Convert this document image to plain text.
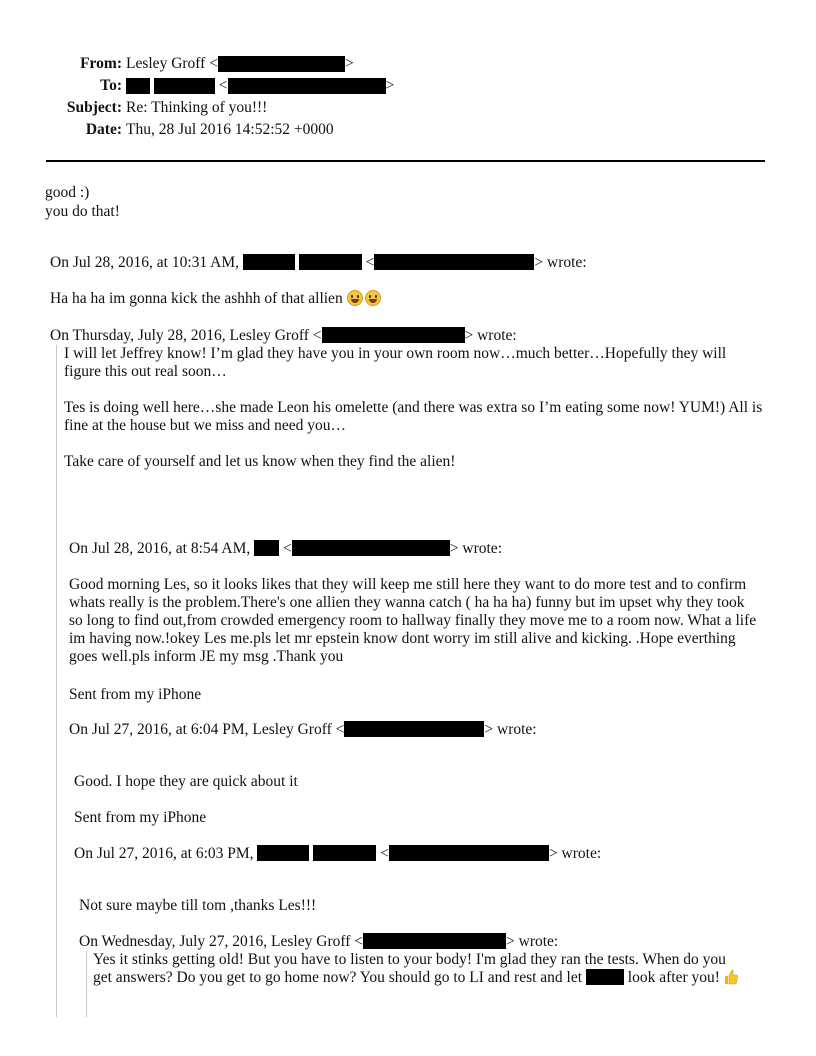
From: Lesley Groff
<	>
To:

	<	>
Subject: Re: Thinking of you!!!
Date: Thu, 28 Jul 2016 14:52:52 +0000
good :)
you do that!
On Jul 28, 2016, at 10:31 AM,	<	> wrote:
Ha ha ha im gonna kick the ashhh of that allien
On Thursday, July 28, 2016, Lesley Groff <	> wrote:
I will let Jeffrey know! I’m glad they have you in your own room now…much better…Hopefully they will figure this out real soon…
Tes is doing well here…she made Leon his omelette (and there was extra so I’m eating some now! YUM!) All is fine at the house but we miss and need you…
Take care of yourself and let us know when they find the alien!
On Jul 28, 2016, at 8:54 AM, <	> wrote:
Good morning Les, so it looks likes that they will keep me still here they want to do more test and to confirm whats really is the problem.There's one allien they wanna catch ( ha ha ha) funny but im upset why they took so long to find out,from crowded emergency room to hallway finally they move me to a room now. What a life im having now.!okey Les me.pls let mr epstein know dont worry im still alive and kicking. .Hope everthing goes well.pls inform JE my msg .Thank you
Sent from my iPhone
On Jul 27, 2016, at 6:04 PM, Lesley Groff <	> wrote:
Good. I hope they are quick about it
Sent from my iPhone
On Jul 27, 2016, at 6:03 PM,	<	> wrote:
Not sure maybe till tom ,thanks Les!!!
On Wednesday, July 27, 2016, Lesley Groff <	> wrote:
Yes it stinks getting old! But you have to listen to your body! I'm glad they ran the tests. When do you get answers? Do you get to go home now? You should go to LI and rest and let	look after you!
